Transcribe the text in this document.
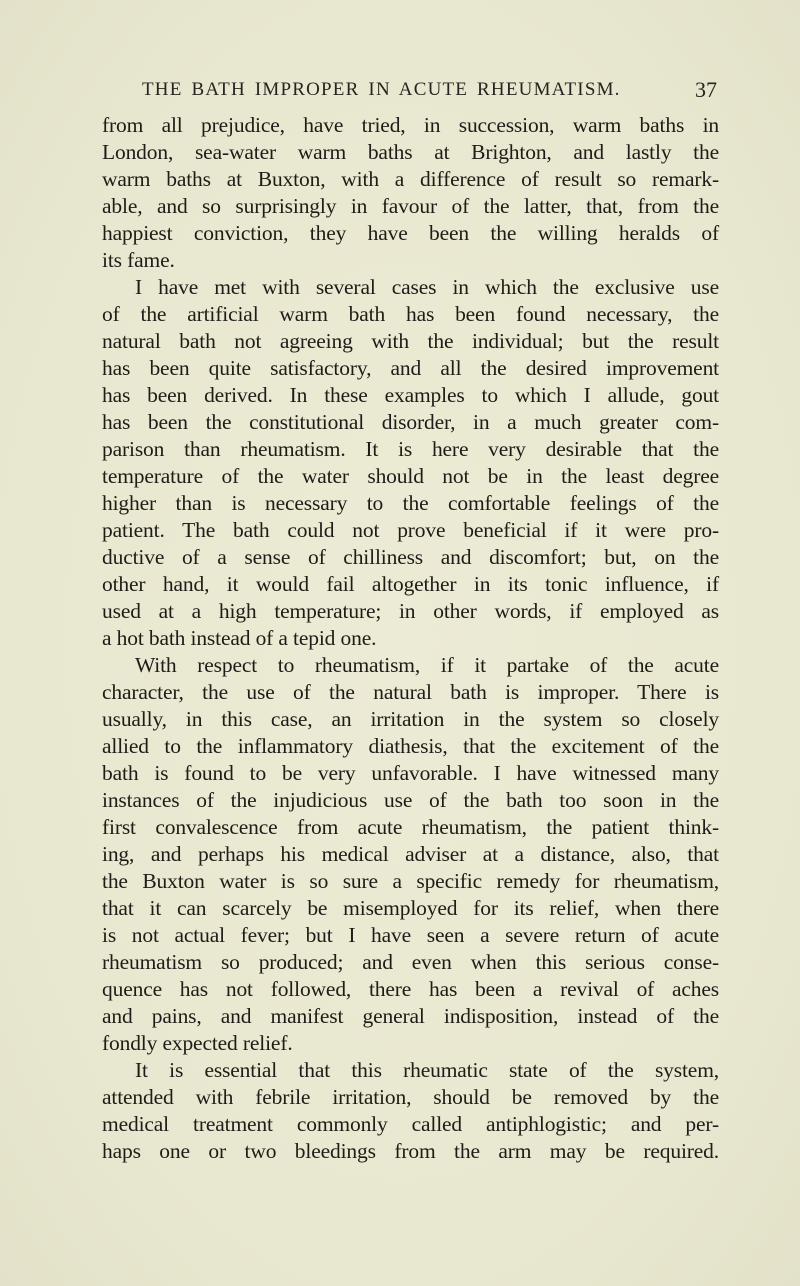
THE BATH IMPROPER IN ACUTE RHEUMATISM.	37
from all prejudice, have tried, in succession, warm baths in
London, sea-water warm baths at Brighton, and lastly the
warm baths at Buxton, with a difference of result so remark-
able, and so surprisingly in favour of the latter, that, from the
happiest conviction, they have been the willing heralds of
its fame.
I have met with several cases in which the exclusive use
of the artificial warm bath has been found necessary, the
natural bath not agreeing with the individual; but the result
has been quite satisfactory, and all the desired improvement
has been derived. In these examples to which I allude, gout
has been the constitutional disorder, in a much greater com-
parison than rheumatism. It is here very desirable that the
temperature of the water should not be in the least degree
higher than is necessary to the comfortable feelings of the
patient. The bath could not prove beneficial if it were pro-
ductive of a sense of chilliness and discomfort; but, on the
other hand, it would fail altogether in its tonic influence, if
used at a high temperature; in other words, if employed as
a hot bath instead of a tepid one.
With respect to rheumatism, if it partake of the acute
character, the use of the natural bath is improper. There is
usually, in this case, an irritation in the system so closely
allied to the inflammatory diathesis, that the excitement of the
bath is found to be very unfavorable. I have witnessed many
instances of the injudicious use of the bath too soon in the
first convalescence from acute rheumatism, the patient think-
ing, and perhaps his medical adviser at a distance, also, that
the Buxton water is so sure a specific remedy for rheumatism,
that it can scarcely be misemployed for its relief, when there
is not actual fever; but I have seen a severe return of acute
rheumatism so produced; and even when this serious conse-
quence has not followed, there has been a revival of aches
and pains, and manifest general indisposition, instead of the
fondly expected relief.
It is essential that this rheumatic state of the system,
attended with febrile irritation, should be removed by the
medical treatment commonly called antiphlogistic; and per-
haps one or two bleedings from the arm may be required.
